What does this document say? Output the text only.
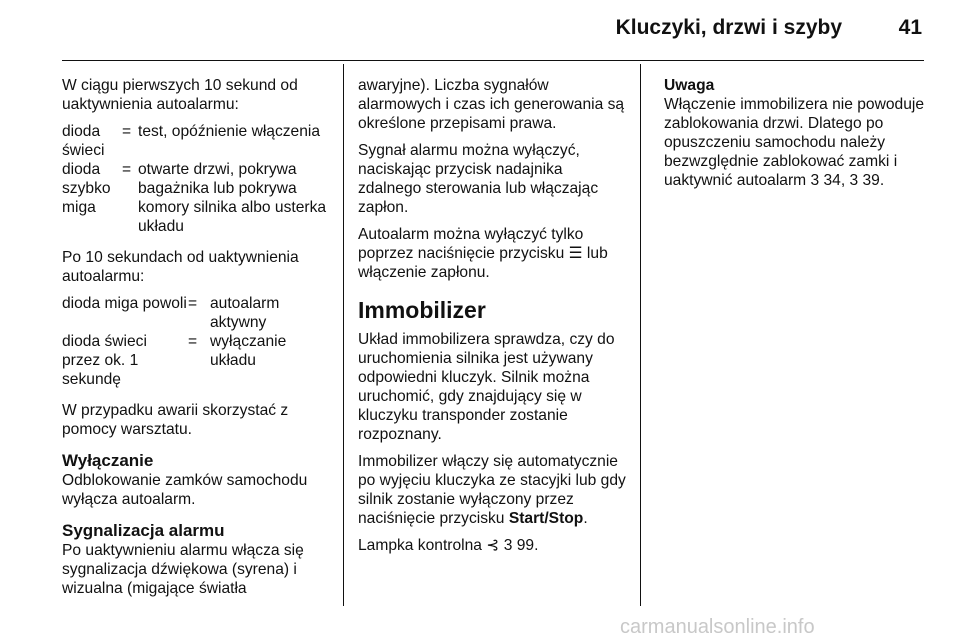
Kluczyki, drzwi i szyby	41

W ciągu pierwszych 10 sekund od uaktywnienia autoalarmu:

dioda świeci
= test, opóźnienie włączenia
dioda szybko miga
= otwarte drzwi, pokrywa bagażnika lub pokrywa komory silnika albo usterka układu

Po 10 sekundach od uaktywnienia autoalarmu:

dioda miga powoli = autoalarm aktywny
dioda świeci przez ok. 1 sekundę
= wyłączanie układu

W przypadku awarii skorzystać z pomocy warsztatu.

Wyłączanie

Odblokowanie zamków samochodu wyłącza autoalarm.

Sygnalizacja alarmu

Po uaktywnieniu alarmu włącza się sygnalizacja dźwiękowa (syrena) i wizualna (migające światła

awaryjne). Liczba sygnałów alarmowych i czas ich generowania są określone przepisami prawa.

Sygnał alarmu można wyłączyć, naciskając przycisk nadajnika zdalnego sterowania lub włączając zapłon.

Autoalarm można wyłączyć tylko poprzez naciśnięcie przycisku ☰ lub włączenie zapłonu.

Immobilizer

Układ immobilizera sprawdza, czy do uruchomienia silnika jest używany odpowiedni kluczyk. Silnik można uruchomić, gdy znajdujący się w kluczyku transponder zostanie rozpoznany.

Immobilizer włączy się automatycznie po wyjęciu kluczyka ze stacyjki lub gdy silnik zostanie wyłączony przez naciśnięcie przycisku Start/Stop.

Lampka kontrolna ⊰ 3 99.

Uwaga
Włączenie immobilizera nie powoduje zablokowania drzwi. Dlatego po opuszczeniu samochodu należy bezwzględnie zablokować zamki i uaktywnić autoalarm 3 34, 3 39.
carmanualsonline.info
